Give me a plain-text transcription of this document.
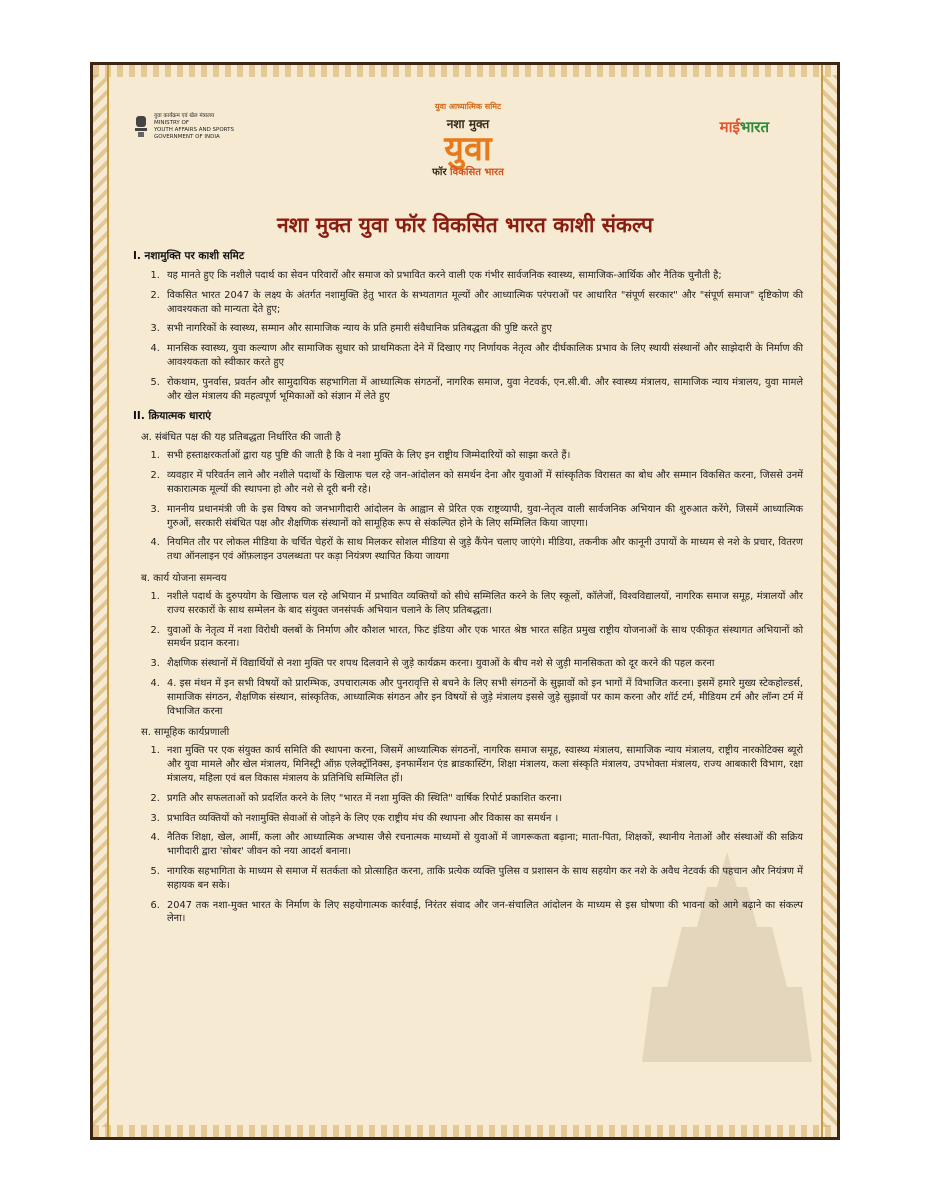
युवा कार्यक्रम एवं खेल मंत्रालय
MINISTRY OF
YOUTH AFFAIRS AND SPORTS
GOVERNMENT OF INDIA
युवा आध्यात्मिक समिट
नशा मुक्त
युवा
फॉर विकसित भारत
माईभारत
नशा मुक्त युवा फॉर विकसित भारत काशी संकल्प
I. नशामुक्ति पर काशी समिट
1. यह मानते हुए कि नशीले पदार्थ का सेवन परिवारों और समाज को प्रभावित करने वाली एक गंभीर सार्वजनिक स्वास्थ्य, सामाजिक-आर्थिक और नैतिक चुनौती है;
2. विकसित भारत 2047 के लक्ष्य के अंतर्गत नशामुक्ति हेतु भारत के सभ्यतागत मूल्यों और आध्यात्मिक परंपराओं पर आधारित "संपूर्ण सरकार" और "संपूर्ण समाज" दृष्टिकोण की आवश्यकता को मान्यता देते हुए;
3. सभी नागरिकों के स्वास्थ्य, सम्मान और सामाजिक न्याय के प्रति हमारी संवैधानिक प्रतिबद्धता की पुष्टि करते हुए
4. मानसिक स्वास्थ्य, युवा कल्याण और सामाजिक सुधार को प्राथमिकता देने में दिखाए गए निर्णायक नेतृत्व और दीर्घकालिक प्रभाव के लिए स्थायी संस्थानों और साझेदारी के निर्माण की आवश्यकता को स्वीकार करते हुए
5. रोकथाम, पुनर्वास, प्रवर्तन और सामुदायिक सहभागिता में आध्यात्मिक संगठनों, नागरिक समाज, युवा नेटवर्क, एन.सी.बी. और स्वास्थ्य मंत्रालय, सामाजिक न्याय मंत्रालय, युवा मामले और खेल मंत्रालय की महत्वपूर्ण भूमिकाओं को संज्ञान में लेते हुए
II. क्रियात्मक धाराएं
अ. संबंधित पक्ष की यह प्रतिबद्धता निर्धारित की जाती है
1. सभी हस्ताक्षरकर्ताओं द्वारा यह पुष्टि की जाती है कि वे नशा मुक्ति के लिए इन राष्ट्रीय जिम्मेदारियों को साझा करते हैं।
2. व्यवहार में परिवर्तन लाने और नशीले पदार्थों के खिलाफ चल रहे जन-आंदोलन को समर्थन देना और युवाओं में सांस्कृतिक विरासत का बोध और सम्मान विकसित करना, जिससे उनमें सकारात्मक मूल्यों की स्थापना हो और नशे से दूरी बनी रहे।
3. माननीय प्रधानमंत्री जी के इस विषय को जनभागीदारी आंदोलन के आह्वान से प्रेरित एक राष्ट्रव्यापी, युवा-नेतृत्व वाली सार्वजनिक अभियान की शुरुआत करेंगे, जिसमें आध्यात्मिक गुरुओं, सरकारी संबंधित पक्ष और शैक्षणिक संस्थानों को सामूहिक रूप से संकल्पित होने के लिए सम्मिलित किया जाएगा।
4. नियमित तौर पर लोकल मीडिया के चर्चित चेहरों के साथ मिलकर सोशल मीडिया से जुड़े कैंपेन चलाए जाएंगे। मीडिया, तकनीक और कानूनी उपायों के माध्यम से नशे के प्रचार, वितरण तथा ऑनलाइन एवं ऑफ़लाइन उपलब्धता पर कड़ा नियंत्रण स्थापित किया जायगा
ब. कार्य योजना समन्वय
1. नशीले पदार्थ के दुरुपयोग के खिलाफ चल रहे अभियान में प्रभावित व्यक्तियों को सीधे सम्मिलित करने के लिए स्कूलों, कॉलेजों, विश्वविद्यालयों, नागरिक समाज समूह, मंत्रालयों और राज्य सरकारों के साथ सम्मेलन के बाद संयुक्त जनसंपर्क अभियान चलाने के लिए प्रतिबद्धता।
2. युवाओं के नेतृत्व में नशा विरोधी क्लबों के निर्माण और कौशल भारत, फिट इंडिया और एक भारत श्रेष्ठ भारत सहित प्रमुख राष्ट्रीय योजनाओं के साथ एकीकृत संस्थागत अभियानों को समर्थन प्रदान करना।
3. शैक्षणिक संस्थानों में विद्यार्थियों से नशा मुक्ति पर शपथ दिलवाने से जुड़े कार्यक्रम करना। युवाओं के बीच नशे से जुड़ी मानसिकता को दूर करने की पहल करना
4. 4. इस मंथन में इन सभी विषयों को प्रारम्भिक, उपचारात्मक और पुनरावृत्ति से बचने के लिए सभी संगठनों के सुझावों को इन भागों में विभाजित करना। इसमें हमारे मुख्य स्टेकहोल्डर्स, सामाजिक संगठन, शैक्षणिक संस्थान, सांस्कृतिक, आध्यात्मिक संगठन और इन विषयों से जुड़े मंत्रालय इससे जुड़े सुझावों पर काम करना और शॉर्ट टर्म, मीडियम टर्म और लॉन्ग टर्म में विभाजित करना
स. सामूहिक कार्यप्रणाली
1. नशा मुक्ति पर एक संयुक्त कार्य समिति की स्थापना करना, जिसमें आध्यात्मिक संगठनों, नागरिक समाज समूह, स्वास्थ्य मंत्रालय, सामाजिक न्याय मंत्रालय, राष्ट्रीय नारकोटिक्स ब्यूरो और युवा मामले और खेल मंत्रालय, मिनिस्ट्री ऑफ़ एलेक्ट्रॉनिक्स, इनफार्मेशन एंड ब्राडकास्टिंग, शिक्षा मंत्रालय, कला संस्कृति मंत्रालय, उपभोक्ता मंत्रालय, राज्य आबकारी विभाग, रक्षा मंत्रालय, महिला एवं बल विकास मंत्रालय के प्रतिनिधि सम्मिलित हों।
2. प्रगति और सफलताओं को प्रदर्शित करने के लिए "भारत में नशा मुक्ति की स्थिति" वार्षिक रिपोर्ट प्रकाशित करना।
3. प्रभावित व्यक्तियों को नशामुक्ति सेवाओं से जोड़ने के लिए एक राष्ट्रीय मंच की स्थापना और विकास का समर्थन ।
4. नैतिक शिक्षा, खेल, आर्मी, कला और आध्यात्मिक अभ्यास जैसे रचनात्मक माध्यमों से युवाओं में जागरूकता बढ़ाना; माता-पिता, शिक्षकों, स्थानीय नेताओं और संस्थाओं की सक्रिय भागीदारी द्वारा 'सोबर' जीवन को नया आदर्श बनाना।
5. नागरिक सहभागिता के माध्यम से समाज में सतर्कता को प्रोत्साहित करना, ताकि प्रत्येक व्यक्ति पुलिस व प्रशासन के साथ सहयोग कर नशे के अवैध नेटवर्क की पहचान और नियंत्रण में सहायक बन सके।
6. 2047 तक नशा-मुक्त भारत के निर्माण के लिए सहयोगात्मक कार्रवाई, निरंतर संवाद और जन-संचालित आंदोलन के माध्यम से इस घोषणा की भावना को आगे बढ़ाने का संकल्प लेना।
